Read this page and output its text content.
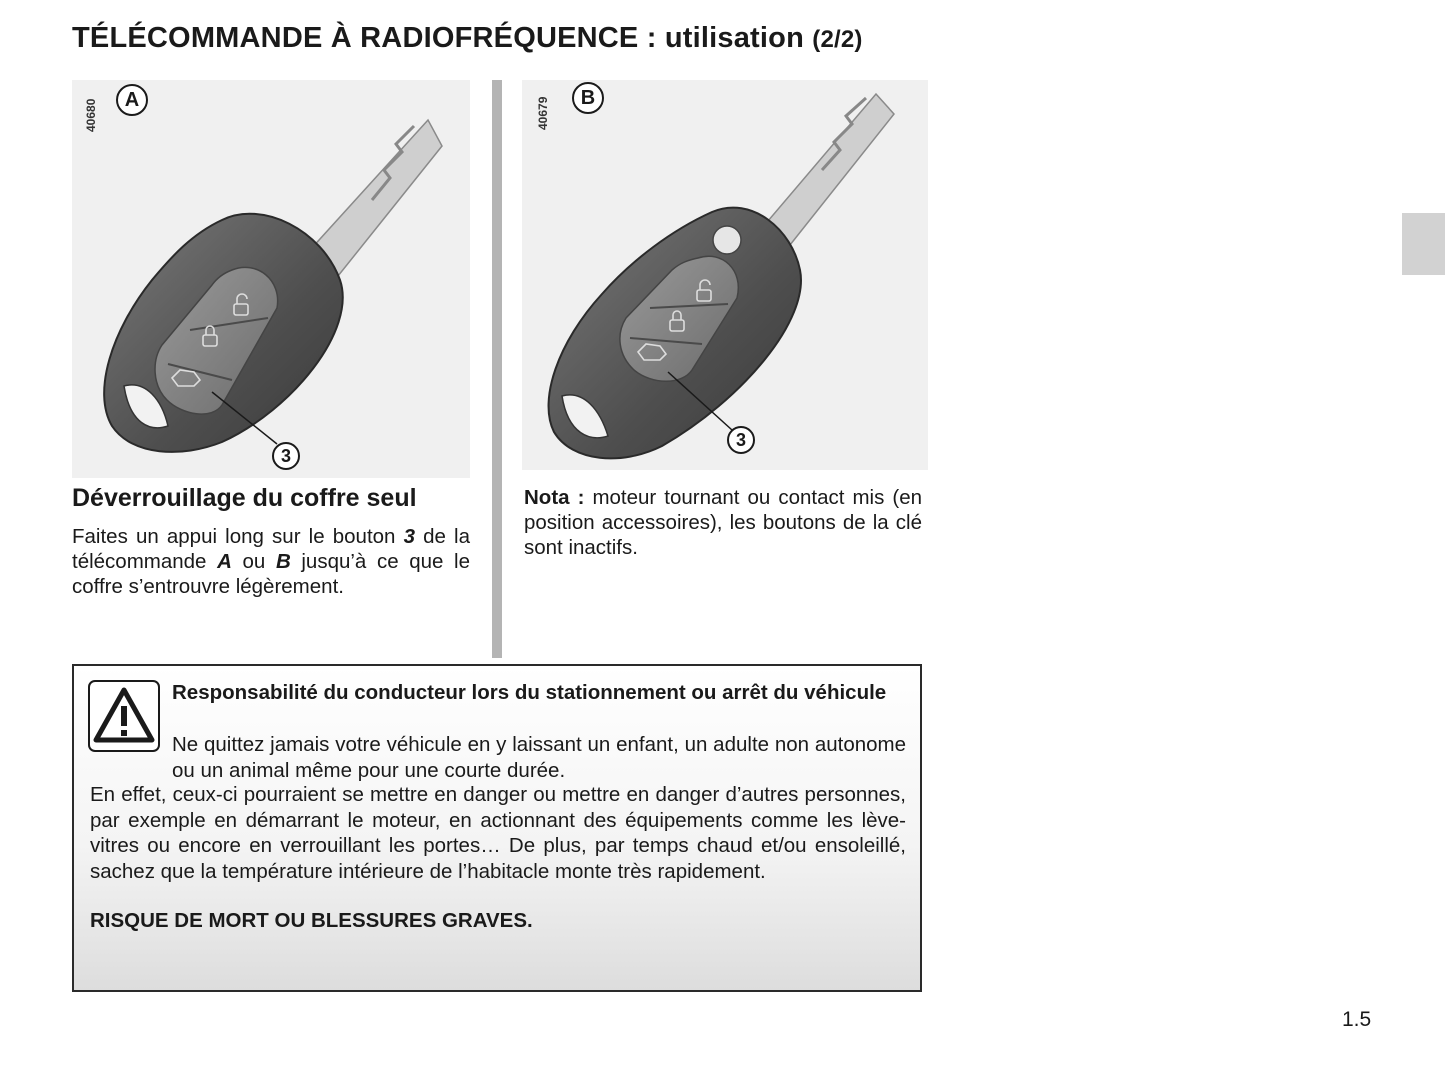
TÉLÉCOMMANDE À RADIOFRÉQUENCE : utilisation (2/2)
40680	A
3
40679	B
3
Déverrouillage du coffre seul

Faites un appui long sur le bouton 3 de la télécommande A ou B jusqu’à ce que le coffre s’entrouvre légèrement.

Nota : moteur tournant ou contact mis (en position accessoires), les boutons de la clé sont inactifs.

Responsabilité du conducteur lors du stationnement ou arrêt du véhicule

Ne quittez jamais votre véhicule en y laissant un enfant, un adulte non autonome ou un animal même pour une courte durée.

En effet, ceux-ci pourraient se mettre en danger ou mettre en danger d’autres personnes, par exemple en démarrant le moteur, en actionnant des équipements comme les lève-vitres ou encore en verrouillant les portes… De plus, par temps chaud et/ou ensoleillé, sachez que la température intérieure de l’habitacle monte très rapidement.

RISQUE DE MORT OU BLESSURES GRAVES.

1.5
